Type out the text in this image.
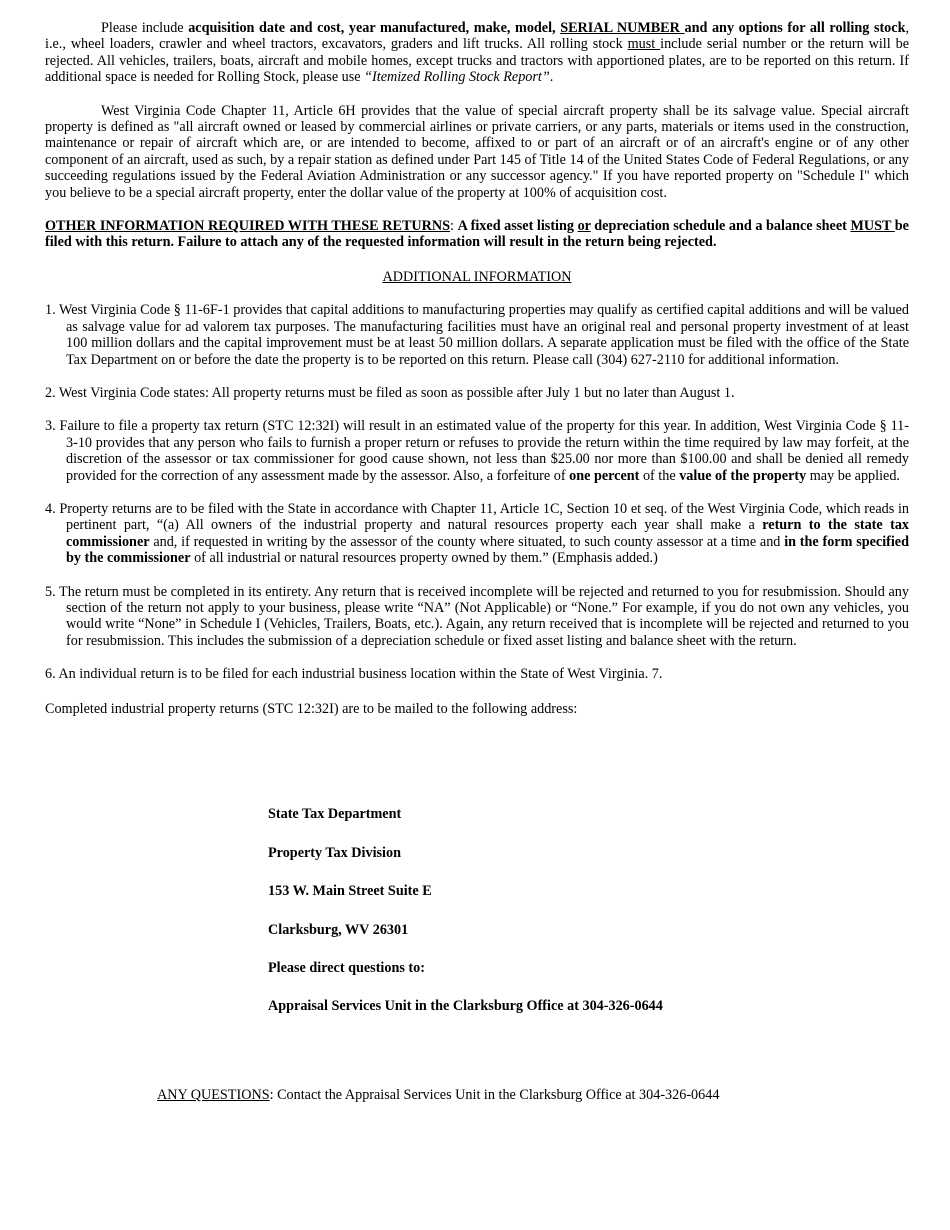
Please include acquisition date and cost, year manufactured, make, model, SERIAL NUMBER and any options for all rolling stock, i.e., wheel loaders, crawler and wheel tractors, excavators, graders and lift trucks. All rolling stock must include serial number or the return will be rejected. All vehicles, trailers, boats, aircraft and mobile homes, except trucks and tractors with apportioned plates, are to be reported on this return. If additional space is needed for Rolling Stock, please use “Itemized Rolling Stock Report”.

West Virginia Code Chapter 11, Article 6H provides that the value of special aircraft property shall be its salvage value. Special aircraft property is defined as "all aircraft owned or leased by commercial airlines or private carriers, or any parts, materials or items used in the construction, maintenance or repair of aircraft which are, or are intended to become, affixed to or part of an aircraft or of an aircraft's engine or of any other component of an aircraft, used as such, by a repair station as defined under Part 145 of Title 14 of the United States Code of Federal Regulations, or any succeeding regulations issued by the Federal Aviation Administration or any successor agency." If you have reported property on "Schedule I" which you believe to be a special aircraft property, enter the dollar value of the property at 100% of acquisition cost.

OTHER INFORMATION REQUIRED WITH THESE RETURNS: A fixed asset listing or depreciation schedule and a balance sheet MUST be filed with this return. Failure to attach any of the requested information will result in the return being rejected.

ADDITIONAL INFORMATION

1. West Virginia Code § 11-6F-1 provides that capital additions to manufacturing properties may qualify as certified capital additions and will be valued as salvage value for ad valorem tax purposes. The manufacturing facilities must have an original real and personal property investment of at least 100 million dollars and the capital improvement must be at least 50 million dollars. A separate application must be filed with the office of the State Tax Department on or before the date the property is to be reported on this return. Please call (304) 627-2110 for additional information.

2. West Virginia Code states: All property returns must be filed as soon as possible after July 1 but no later than August 1.

3. Failure to file a property tax return (STC 12:32I) will result in an estimated value of the property for this year. In addition, West Virginia Code § 11-3-10 provides that any person who fails to furnish a proper return or refuses to provide the return within the time required by law may forfeit, at the discretion of the assessor or tax commissioner for good cause shown, not less than $25.00 nor more than $100.00 and shall be denied all remedy provided for the correction of any assessment made by the assessor. Also, a forfeiture of one percent of the value of the property may be applied.

4. Property returns are to be filed with the State in accordance with Chapter 11, Article 1C, Section 10 et seq. of the West Virginia Code, which reads in pertinent part, “(a) All owners of the industrial property and natural resources property each year shall make a return to the state tax commissioner and, if requested in writing by the assessor of the county where situated, to such county assessor at a time and in the form specified by the commissioner of all industrial or natural resources property owned by them.” (Emphasis added.)

5. The return must be completed in its entirety. Any return that is received incomplete will be rejected and returned to you for resubmission. Should any section of the return not apply to your business, please write “NA” (Not Applicable) or “None.” For example, if you do not own any vehicles, you would write “None” in Schedule I (Vehicles, Trailers, Boats, etc.). Again, any return received that is incomplete will be rejected and returned to you for resubmission. This includes the submission of a depreciation schedule or fixed asset listing and balance sheet with the return.

6. An individual return is to be filed for each industrial business location within the State of West Virginia. 7.

Completed industrial property returns (STC 12:32I) are to be mailed to the following address:

State Tax Department
Property Tax Division
153 W. Main Street Suite E
Clarksburg, WV 26301
Please direct questions to:
Appraisal Services Unit in the Clarksburg Office at 304-326-0644
ANY QUESTIONS: Contact the Appraisal Services Unit in the Clarksburg Office at 304-326-0644
